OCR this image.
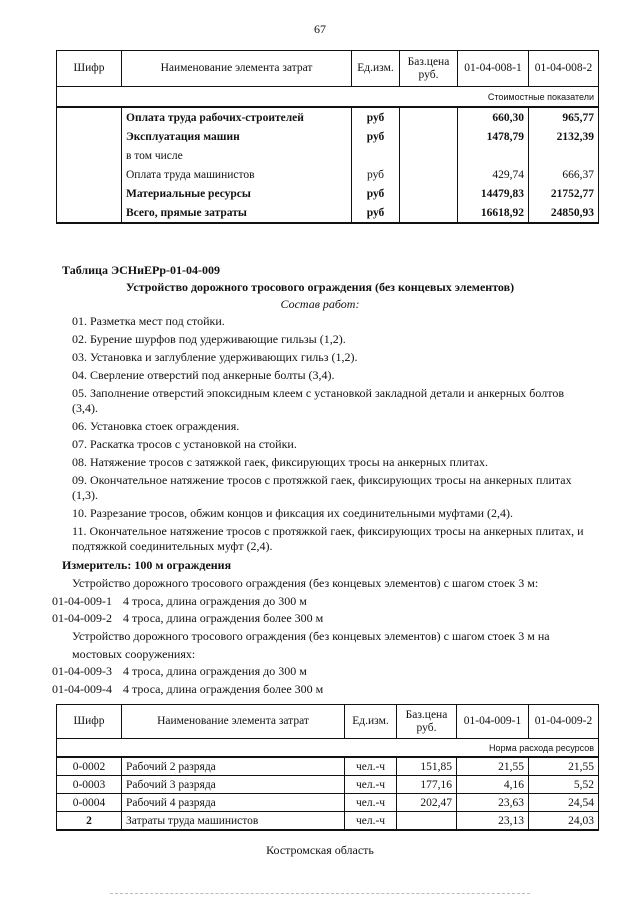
67
Шифр	Наименование элемента затрат	Ед.изм.	Баз.цена руб.	01-04-008-1	01-04-008-2
Стоимостные показатели					
	Оплата труда рабочих-строителей	руб		660,30	965,77
	Эксплуатация машин	руб		1478,79	2132,39
	в том числе				
	Оплата труда машинистов	руб		429,74	666,37
	Материальные ресурсы	руб		14479,83	21752,77
	Всего, прямые затраты	руб		16618,92	24850,93
Таблица ЭСНиЕРр-01-04-009
Устройство дорожного тросового ограждения (без концевых элементов)
Состав работ:
01. Разметка мест под стойки.
02. Бурение шурфов под удерживающие гильзы (1,2).
03. Установка и заглубление удерживающих гильз (1,2).
04. Сверление отверстий под анкерные болты (3,4).
05. Заполнение отверстий эпоксидным клеем с установкой закладной детали и анкерных болтов (3,4).
06. Установка стоек ограждения.
07. Раскатка тросов с установкой на стойки.
08. Натяжение тросов с затяжкой гаек, фиксирующих тросы на анкерных плитах.
09. Окончательное натяжение тросов с протяжкой гаек, фиксирующих тросы на анкерных плитах (1,3).
10. Разрезание тросов, обжим концов и фиксация их соединительными муфтами (2,4).
11. Окончательное натяжение тросов с протяжкой гаек, фиксирующих тросы на анкерных плитах, и подтяжкой соединительных муфт (2,4).
Измеритель: 100 м ограждения
Устройство дорожного тросового ограждения (без концевых элементов) с шагом стоек 3 м:
01-04-009-1 4 троса, длина ограждения до 300 м
01-04-009-2 4 троса, длина ограждения более 300 м
Устройство дорожного тросового ограждения (без концевых элементов) с шагом стоек 3 м на мостовых сооружениях:
01-04-009-3 4 троса, длина ограждения до 300 м
01-04-009-4 4 троса, длина ограждения более 300 м
Шифр	Наименование элемента затрат	Ед.изм.	Баз.цена руб.	01-04-009-1	01-04-009-2
Норма расхода ресурсов					
0-0002	Рабочий 2 разряда	чел.-ч	151,85	21,55	21,55
0-0003	Рабочий 3 разряда	чел.-ч	177,16	4,16	5,52
0-0004	Рабочий 4 разряда	чел.-ч	202,47	23,63	24,54
2	Затраты труда машинистов	чел.-ч		23,13	24,03
Костромская область
